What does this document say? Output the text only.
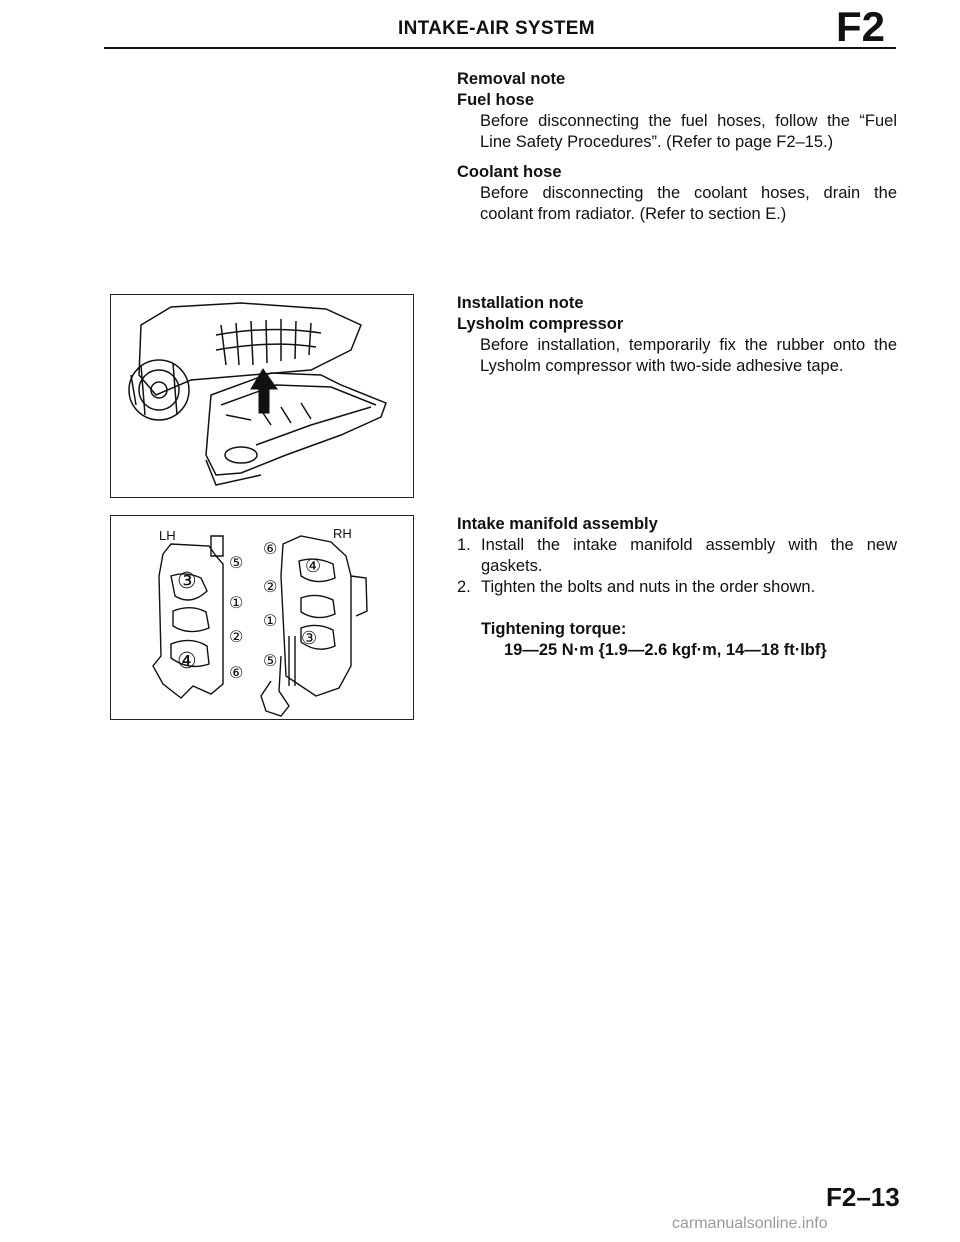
INTAKE-AIR SYSTEM	F2
Removal note
Fuel hose
Before disconnecting the fuel hoses, follow the “Fuel Line Safety Procedures”. (Refer to page F2–15.)
Coolant hose
Before disconnecting the coolant hoses, drain the coolant from radiator. (Refer to section E.)
Installation note
Lysholm compressor
Before installation, temporarily fix the rubber onto the Lysholm compressor with two-side adhesive tape.
Intake manifold assembly
1. Install the intake manifold assembly with the new gaskets.
2. Tighten the bolts and nuts in the order shown.
Tightening torque:
19—25 N·m {1.9—2.6 kgf·m, 14—18 ft·lbf}
LH	RH
⑤
③
①
②
④ ⑥
⑥
④
②
①
③
⑤
F2–13
carmanualsonline.info
